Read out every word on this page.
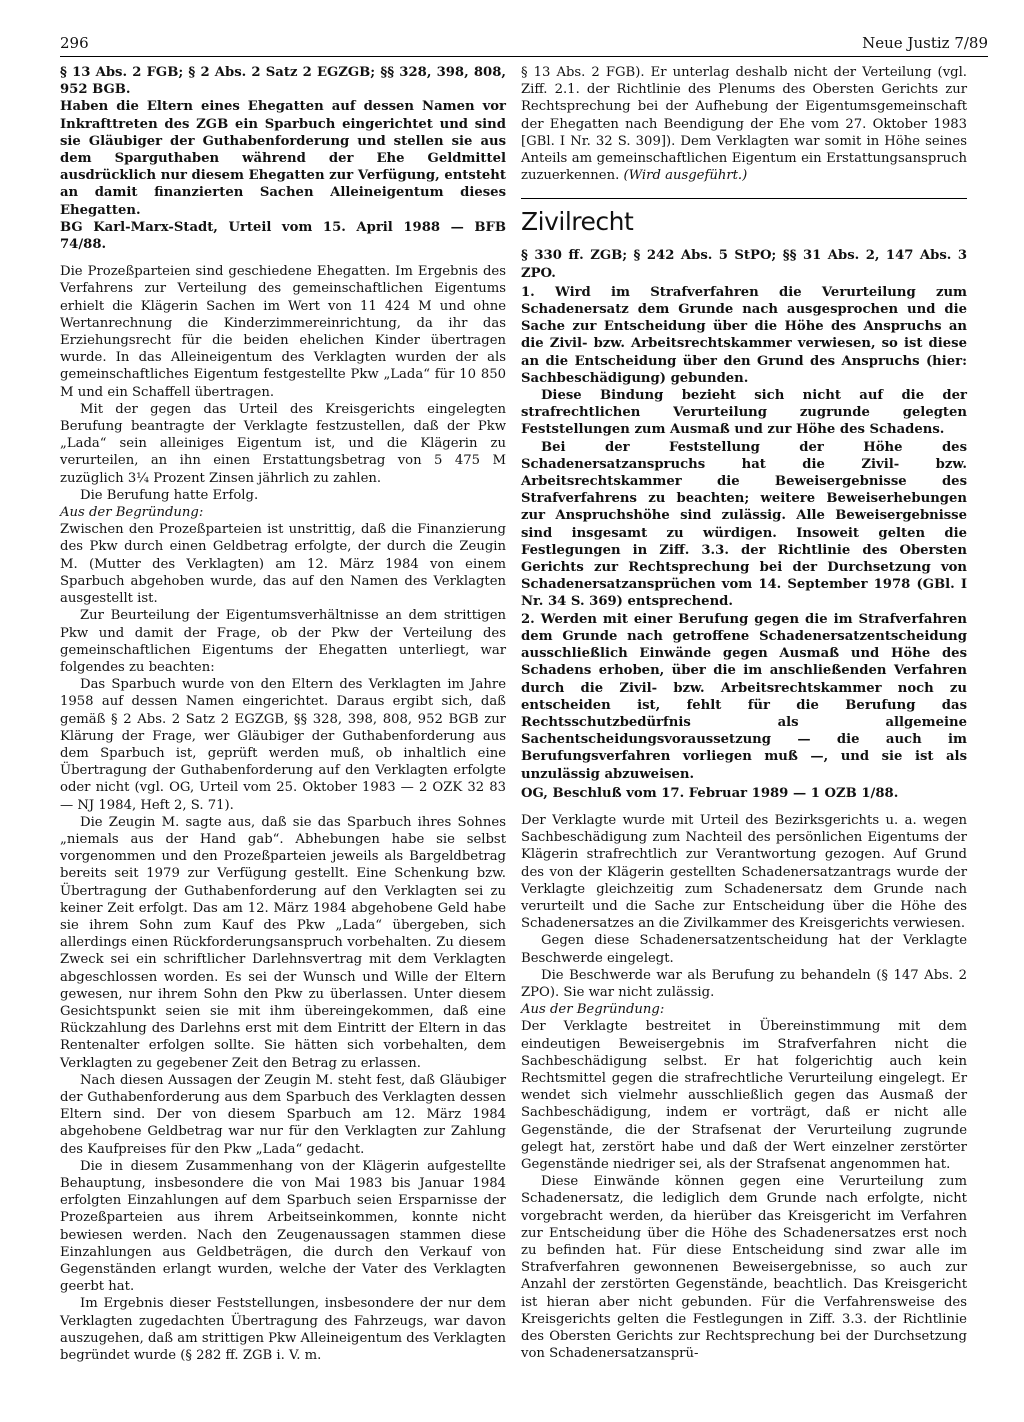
296	Neue Justiz 7/89

§ 13 Abs. 2 FGB; § 2 Abs. 2 Satz 2 EGZGB; §§ 328, 398, 808, 952 BGB.

Haben die Eltern eines Ehegatten auf dessen Namen vor Inkrafttreten des ZGB ein Sparbuch eingerichtet und sind sie Gläubiger der Guthabenforderung und stellen sie aus dem Sparguthaben während der Ehe Geldmittel ausdrücklich nur diesem Ehegatten zur Verfügung, entsteht an damit finanzierten Sachen Alleineigentum dieses Ehegatten.

BG Karl-Marx-Stadt, Urteil vom 15. April 1988 — BFB 74/88.

Die Prozeßparteien sind geschiedene Ehegatten. Im Ergebnis des Verfahrens zur Verteilung des gemeinschaftlichen Eigentums erhielt die Klägerin Sachen im Wert von 11 424 M und ohne Wertanrechnung die Kinderzimmereinrichtung, da ihr das Erziehungsrecht für die beiden ehelichen Kinder übertragen wurde. In das Alleineigentum des Verklagten wurden der als gemeinschaftliches Eigentum festgestellte Pkw „Lada“ für 10 850 M und ein Schaffell übertragen.

Mit der gegen das Urteil des Kreisgerichts eingelegten Berufung beantragte der Verklagte festzustellen, daß der Pkw „Lada“ sein alleiniges Eigentum ist, und die Klägerin zu verurteilen, an ihn einen Erstattungsbetrag von 5 475 M zuzüglich 3¼ Prozent Zinsen jährlich zu zahlen.

Die Berufung hatte Erfolg.

Aus der Begründung:

Zwischen den Prozeßparteien ist unstrittig, daß die Finanzierung des Pkw durch einen Geldbetrag erfolgte, der durch die Zeugin M. (Mutter des Verklagten) am 12. März 1984 von einem Sparbuch abgehoben wurde, das auf den Namen des Verklagten ausgestellt ist.

Zur Beurteilung der Eigentumsverhältnisse an dem strittigen Pkw und damit der Frage, ob der Pkw der Verteilung des gemeinschaftlichen Eigentums der Ehegatten unterliegt, war folgendes zu beachten:

Das Sparbuch wurde von den Eltern des Verklagten im Jahre 1958 auf dessen Namen eingerichtet. Daraus ergibt sich, daß gemäß § 2 Abs. 2 Satz 2 EGZGB, §§ 328, 398, 808, 952 BGB zur Klärung der Frage, wer Gläubiger der Guthabenforderung aus dem Sparbuch ist, geprüft werden muß, ob inhaltlich eine Übertragung der Guthabenforderung auf den Verklagten erfolgte oder nicht (vgl. OG, Urteil vom 25. Oktober 1983 — 2 OZK 32 83 — NJ 1984, Heft 2, S. 71).

Die Zeugin M. sagte aus, daß sie das Sparbuch ihres Sohnes „niemals aus der Hand gab“. Abhebungen habe sie selbst vorgenommen und den Prozeßparteien jeweils als Bargeldbetrag bereits seit 1979 zur Verfügung gestellt. Eine Schenkung bzw. Übertragung der Guthabenforderung auf den Verklagten sei zu keiner Zeit erfolgt. Das am 12. März 1984 abgehobene Geld habe sie ihrem Sohn zum Kauf des Pkw „Lada“ übergeben, sich allerdings einen Rückforderungsanspruch vorbehalten. Zu diesem Zweck sei ein schriftlicher Darlehnsvertrag mit dem Verklagten abgeschlossen worden. Es sei der Wunsch und Wille der Eltern gewesen, nur ihrem Sohn den Pkw zu überlassen. Unter diesem Gesichtspunkt seien sie mit ihm übereingekommen, daß eine Rückzahlung des Darlehns erst mit dem Eintritt der Eltern in das Rentenalter erfolgen sollte. Sie hätten sich vorbehalten, dem Verklagten zu gegebener Zeit den Betrag zu erlassen.

Nach diesen Aussagen der Zeugin M. steht fest, daß Gläubiger der Guthabenforderung aus dem Sparbuch des Verklagten dessen Eltern sind. Der von diesem Sparbuch am 12. März 1984 abgehobene Geldbetrag war nur für den Verklagten zur Zahlung des Kaufpreises für den Pkw „Lada“ gedacht.

Die in diesem Zusammenhang von der Klägerin aufgestellte Behauptung, insbesondere die von Mai 1983 bis Januar 1984 erfolgten Einzahlungen auf dem Sparbuch seien Ersparnisse der Prozeßparteien aus ihrem Arbeitseinkommen, konnte nicht bewiesen werden. Nach den Zeugenaussagen stammen diese Einzahlungen aus Geldbeträgen, die durch den Verkauf von Gegenständen erlangt wurden, welche der Vater des Verklagten geerbt hat.

Im Ergebnis dieser Feststellungen, insbesondere der nur dem Verklagten zugedachten Übertragung des Fahrzeugs, war davon auszugehen, daß am strittigen Pkw Alleineigentum des Verklagten begründet wurde (§ 282 ff. ZGB i. V. m.

§ 13 Abs. 2 FGB). Er unterlag deshalb nicht der Verteilung (vgl. Ziff. 2.1. der Richtlinie des Plenums des Obersten Gerichts zur Rechtsprechung bei der Aufhebung der Eigentumsgemeinschaft der Ehegatten nach Beendigung der Ehe vom 27. Oktober 1983 [GBl. I Nr. 32 S. 309]). Dem Verklagten war somit in Höhe seines Anteils am gemeinschaftlichen Eigentum ein Erstattungsanspruch zuzuerkennen. (Wird ausgeführt.)

Zivilrecht

§ 330 ff. ZGB; § 242 Abs. 5 StPO; §§ 31 Abs. 2, 147 Abs. 3 ZPO.

1. Wird im Strafverfahren die Verurteilung zum Schadenersatz dem Grunde nach ausgesprochen und die Sache zur Entscheidung über die Höhe des Anspruchs an die Zivil- bzw. Arbeitsrechtskammer verwiesen, so ist diese an die Entscheidung über den Grund des Anspruchs (hier: Sachbeschädigung) gebunden.

Diese Bindung bezieht sich nicht auf die der strafrechtlichen Verurteilung zugrunde gelegten Feststellungen zum Ausmaß und zur Höhe des Schadens.

Bei der Feststellung der Höhe des Schadenersatzanspruchs hat die Zivil- bzw. Arbeitsrechtskammer die Beweisergebnisse des Strafverfahrens zu beachten; weitere Beweiserhebungen zur Anspruchshöhe sind zulässig. Alle Beweisergebnisse sind insgesamt zu würdigen. Insoweit gelten die Festlegungen in Ziff. 3.3. der Richtlinie des Obersten Gerichts zur Rechtsprechung bei der Durchsetzung von Schadenersatzansprüchen vom 14. September 1978 (GBl. I Nr. 34 S. 369) entsprechend.

2. Werden mit einer Berufung gegen die im Strafverfahren dem Grunde nach getroffene Schadenersatzentscheidung ausschließlich Einwände gegen Ausmaß und Höhe des Schadens erhoben, über die im anschließenden Verfahren durch die Zivil- bzw. Arbeitsrechtskammer noch zu entscheiden ist, fehlt für die Berufung das Rechtsschutzbedürfnis als allgemeine Sachentscheidungsvoraussetzung — die auch im Berufungsverfahren vorliegen muß —, und sie ist als unzulässig abzuweisen.

OG, Beschluß vom 17. Februar 1989 — 1 OZB 1/88.

Der Verklagte wurde mit Urteil des Bezirksgerichts u. a. wegen Sachbeschädigung zum Nachteil des persönlichen Eigentums der Klägerin strafrechtlich zur Verantwortung gezogen. Auf Grund des von der Klägerin gestellten Schadenersatzantrags wurde der Verklagte gleichzeitig zum Schadenersatz dem Grunde nach verurteilt und die Sache zur Entscheidung über die Höhe des Schadenersatzes an die Zivilkammer des Kreisgerichts verwiesen.

Gegen diese Schadenersatzentscheidung hat der Verklagte Beschwerde eingelegt.

Die Beschwerde war als Berufung zu behandeln (§ 147 Abs. 2 ZPO). Sie war nicht zulässig.

Aus der Begründung:

Der Verklagte bestreitet in Übereinstimmung mit dem eindeutigen Beweisergebnis im Strafverfahren nicht die Sachbeschädigung selbst. Er hat folgerichtig auch kein Rechtsmittel gegen die strafrechtliche Verurteilung eingelegt. Er wendet sich vielmehr ausschließlich gegen das Ausmaß der Sachbeschädigung, indem er vorträgt, daß er nicht alle Gegenstände, die der Strafsenat der Verurteilung zugrunde gelegt hat, zerstört habe und daß der Wert einzelner zerstörter Gegenstände niedriger sei, als der Strafsenat angenommen hat.

Diese Einwände können gegen eine Verurteilung zum Schadenersatz, die lediglich dem Grunde nach erfolgte, nicht vorgebracht werden, da hierüber das Kreisgericht im Verfahren zur Entscheidung über die Höhe des Schadenersatzes erst noch zu befinden hat. Für diese Entscheidung sind zwar alle im Strafverfahren gewonnenen Beweisergebnisse, so auch zur Anzahl der zerstörten Gegenstände, beachtlich. Das Kreisgericht ist hieran aber nicht gebunden. Für die Verfahrensweise des Kreisgerichts gelten die Festlegungen in Ziff. 3.3. der Richtlinie des Obersten Gerichts zur Rechtsprechung bei der Durchsetzung von Schadenersatzansprü-
